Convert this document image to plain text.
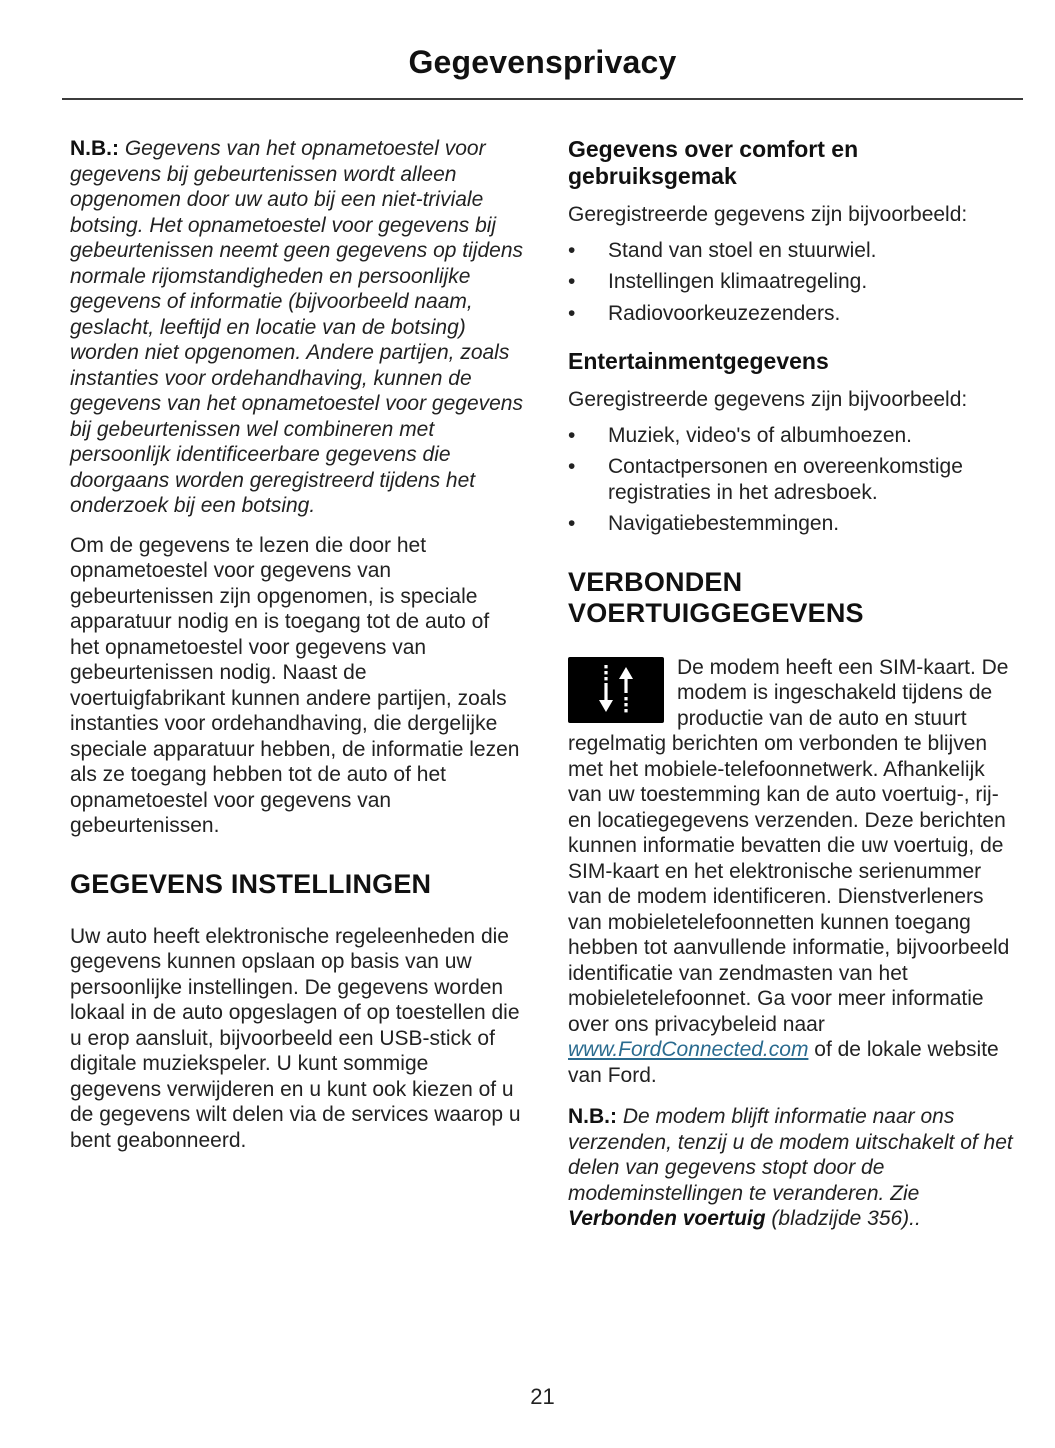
Gegevensprivacy

N.B.: Gegevens van het opnametoestel voor gegevens bij gebeurtenissen wordt alleen opgenomen door uw auto bij een niet-triviale botsing. Het opnametoestel voor gegevens bij gebeurtenissen neemt geen gegevens op tijdens normale rijomstandigheden en persoonlijke gegevens of informatie (bijvoorbeeld naam, geslacht, leeftijd en locatie van de botsing) worden niet opgenomen. Andere partijen, zoals instanties voor ordehandhaving, kunnen de gegevens van het opnametoestel voor gegevens bij gebeurtenissen wel combineren met persoonlijk identificeerbare gegevens die doorgaans worden geregistreerd tijdens het onderzoek bij een botsing.

Om de gegevens te lezen die door het opnametoestel voor gegevens van gebeurtenissen zijn opgenomen, is speciale apparatuur nodig en is toegang tot de auto of het opnametoestel voor gegevens van gebeurtenissen nodig. Naast de voertuigfabrikant kunnen andere partijen, zoals instanties voor ordehandhaving, die dergelijke speciale apparatuur hebben, de informatie lezen als ze toegang hebben tot de auto of het opnametoestel voor gegevens van gebeurtenissen.

GEGEVENS INSTELLINGEN

Uw auto heeft elektronische regeleenheden die gegevens kunnen opslaan op basis van uw persoonlijke instellingen. De gegevens worden lokaal in de auto opgeslagen of op toestellen die u erop aansluit, bijvoorbeeld een USB-stick of digitale muziekspeler. U kunt sommige gegevens verwijderen en u kunt ook kiezen of u de gegevens wilt delen via de services waarop u bent geabonneerd.

Gegevens over comfort en gebruiksgemak

Geregistreerde gegevens zijn bijvoorbeeld:

•	Stand van stoel en stuurwiel.
•	Instellingen klimaatregeling.
•	Radiovoorkeuzezenders.
Entertainmentgegevens

Geregistreerde gegevens zijn bijvoorbeeld:

•	Muziek, video's of albumhoezen.
•	Contactpersonen en overeenkomstige registraties in het adresboek.
•	Navigatiebestemmingen.
VERBONDEN VOERTUIGGEGEVENS

De modem heeft een SIM-kaart. De modem is ingeschakeld tijdens de productie van de auto en stuurt regelmatig berichten om verbonden te blijven met het mobiele-telefoonnetwerk. Afhankelijk van uw toestemming kan de auto voertuig-, rij- en locatiegegevens verzenden. Deze berichten kunnen informatie bevatten die uw voertuig, de SIM-kaart en het elektronische serienummer van de modem identificeren. Dienstverleners van mobieletelefoonnetten kunnen toegang hebben tot aanvullende informatie, bijvoorbeeld identificatie van zendmasten van het mobieletelefoonnet. Ga voor meer informatie over ons privacybeleid naar www.FordConnected.com of de lokale website van Ford.

N.B.: De modem blijft informatie naar ons verzenden, tenzij u de modem uitschakelt of het delen van gegevens stopt door de modeminstellingen te veranderen. Zie Verbonden voertuig (bladzijde 356)..

21
